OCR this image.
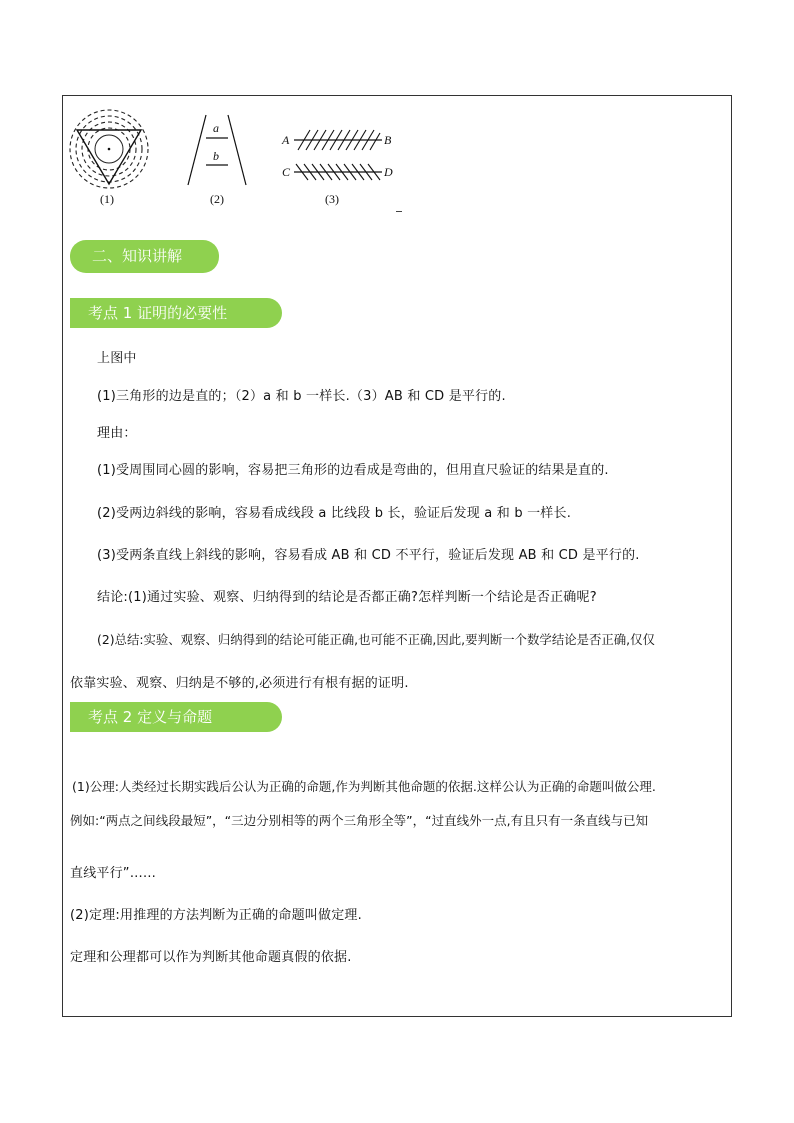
(1)
a
b
(2)
A	B
C	D
(3)
二、知识讲解
考点 1 证明的必要性
上图中
(1)三角形的边是直的；（2）a 和 b 一样长.（3）AB 和 CD 是平行的.
理由：
(1)受周围同心圆的影响，容易把三角形的边看成是弯曲的，但用直尺验证的结果是直的.
(2)受两边斜线的影响，容易看成线段 a 比线段 b 长，验证后发现 a 和 b 一样长.
(3)受两条直线上斜线的影响，容易看成 AB 和 CD 不平行，验证后发现 AB 和 CD 是平行的.
结论:(1)通过实验、观察、归纳得到的结论是否都正确?怎样判断一个结论是否正确呢?
(2)总结:实验、观察、归纳得到的结论可能正确,也可能不正确,因此,要判断一个数学结论是否正确,仅仅
依靠实验、观察、归纳是不够的,必须进行有根有据的证明.
考点 2 定义与命题
(1)公理:人类经过长期实践后公认为正确的命题,作为判断其他命题的依据.这样公认为正确的命题叫做公理.
例如:“两点之间线段最短”，“三边分别相等的两个三角形全等”，“过直线外一点,有且只有一条直线与已知
直线平行”……
(2)定理:用推理的方法判断为正确的命题叫做定理.
定理和公理都可以作为判断其他命题真假的依据.
